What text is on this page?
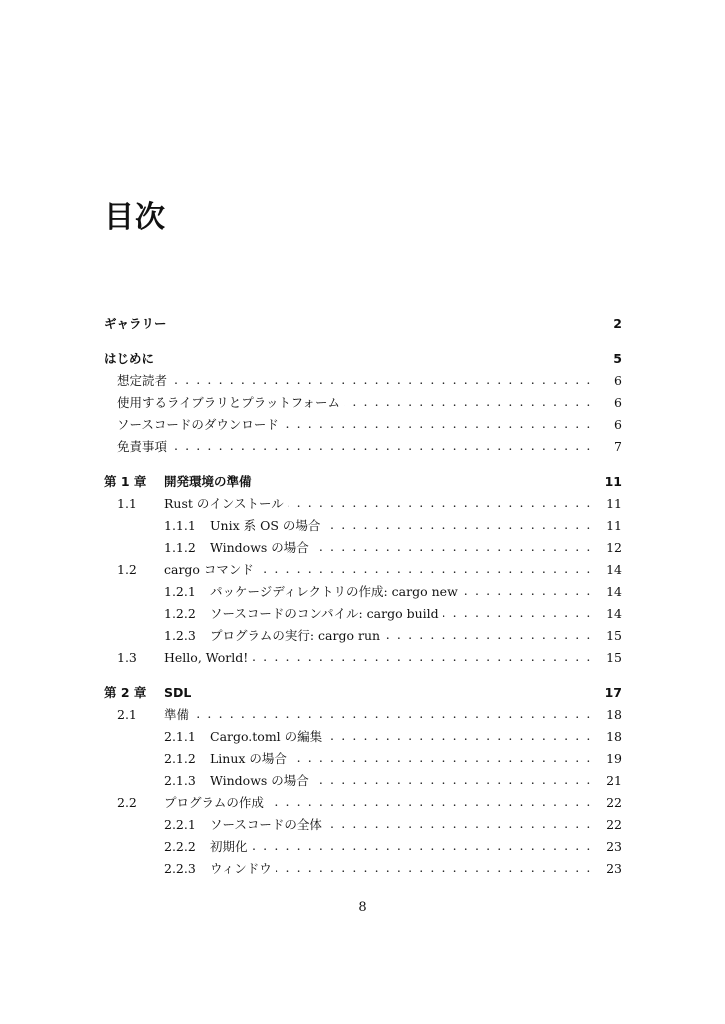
目次
ギャラリー	2
はじめに	5
想定読者 . . .	6
使用するライブラリとプラットフォーム . . .	6
ソースコードのダウンロード . . .	6
免責事項 . . .	7
第 1 章	開発環境の準備	11
1.1	Rust のインストール . . .	11
1.1.1	Unix 系 OS の場合 . . .	11
1.1.2	Windows の場合 . . .	12
1.2	cargo コマンド . . .	14
1.2.1	パッケージディレクトリの作成: cargo new . . .	14
1.2.2	ソースコードのコンパイル: cargo build . . .	14
1.2.3	プログラムの実行: cargo run . . .	15
1.3	Hello, World! . . .	15
第 2 章	SDL	17
2.1	準備 . . .	18
2.1.1	Cargo.toml の編集 . . .	18
2.1.2	Linux の場合 . . .	19
2.1.3	Windows の場合 . . .	21
2.2	プログラムの作成 . . .	22
2.2.1	ソースコードの全体 . . .	22
2.2.2	初期化 . . .	23
2.2.3	ウィンドウ . . .	23
8
